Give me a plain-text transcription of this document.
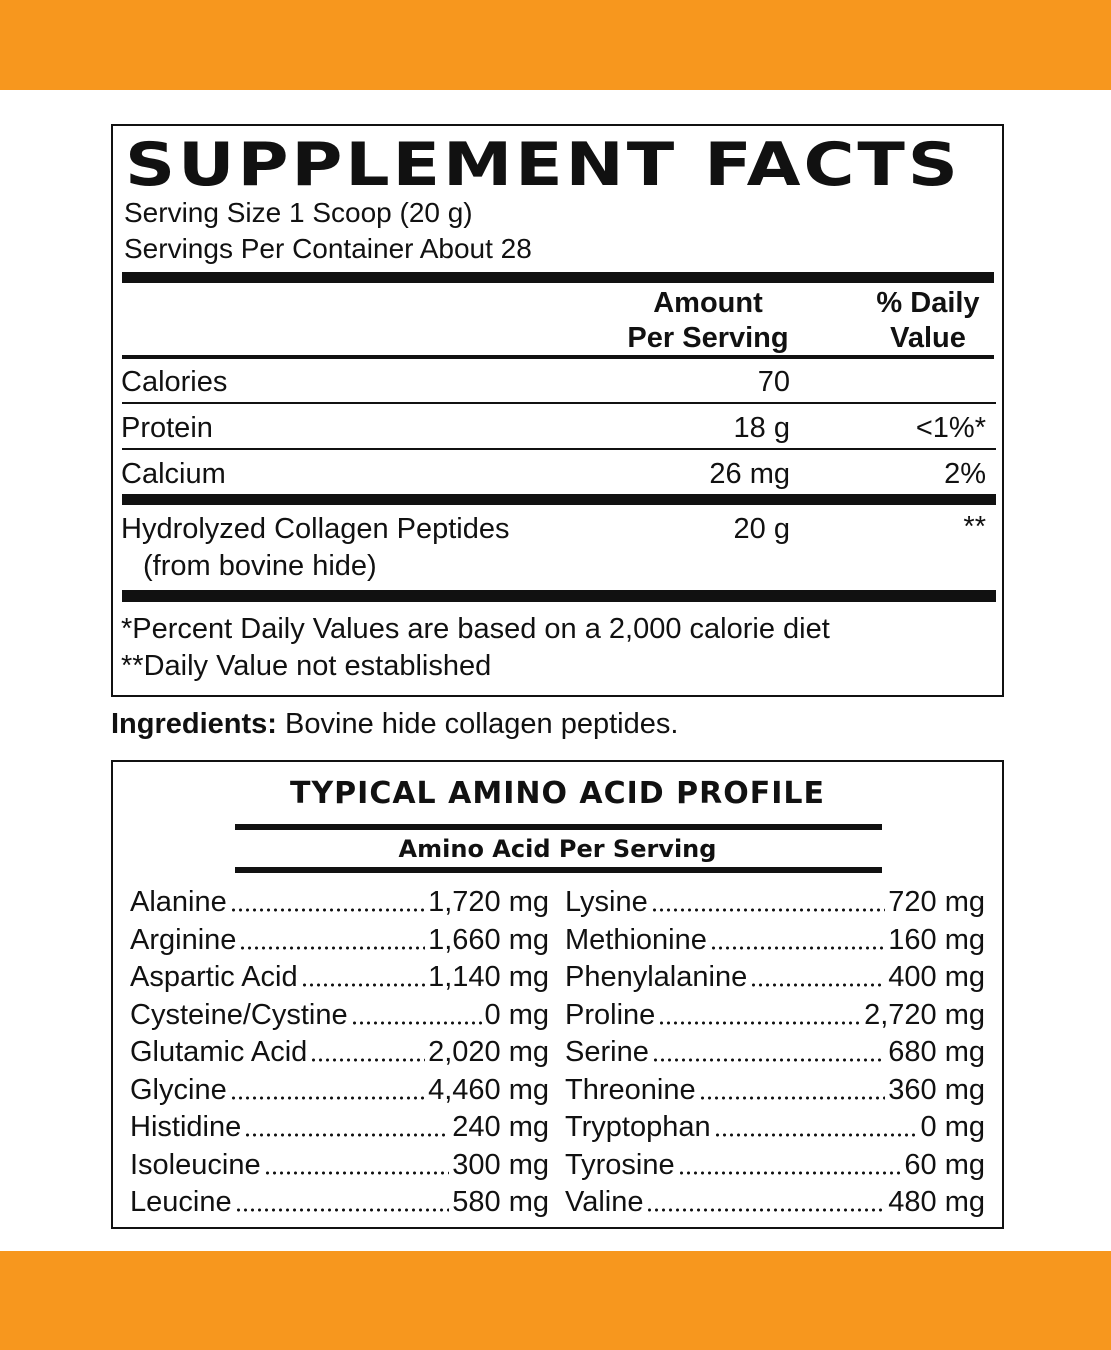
SUPPLEMENT FACTS
Serving Size 1 Scoop (20 g)
Servings Per Container About 28
Amount
Per Serving
% Daily
Value
Calories	70
Protein	18 g	<1%*
Calcium	26 mg	2%
Hydrolyzed Collagen Peptides
(from bovine hide)
20 g	**
*Percent Daily Values are based on a 2,000 calorie diet
**Daily Value not established
Ingredients: Bovine hide collagen peptides.
TYPICAL AMINO ACID PROFILE
Amino Acid Per Serving
Alanine	1,720 mg
Arginine	1,660 mg
Aspartic Acid	1,140 mg
Cysteine/Cystine	0 mg
Glutamic Acid	2,020 mg
Glycine	4,460 mg
Histidine	240 mg
Isoleucine	300 mg
Leucine	580 mg
Lysine	720 mg
Methionine	160 mg
Phenylalanine	400 mg
Proline	2,720 mg
Serine	680 mg
Threonine	360 mg
Tryptophan	0 mg
Tyrosine	60 mg
Valine	480 mg
